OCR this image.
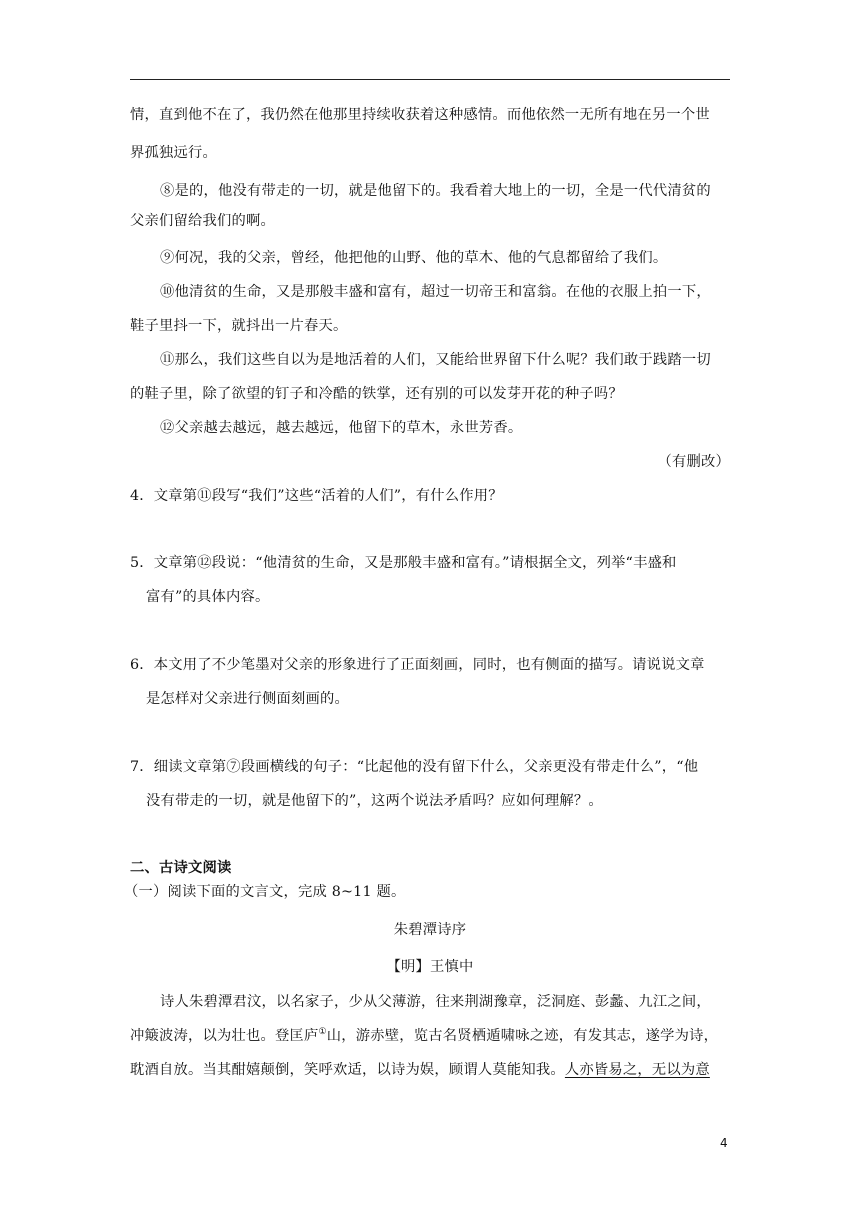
情，直到他不在了，我仍然在他那里持续收获着这种感情。而他依然一无所有地在另一个世
界孤独远行。
⑧是的，他没有带走的一切，就是他留下的。我看着大地上的一切，全是一代代清贫的
父亲们留给我们的啊。
⑨何况，我的父亲，曾经，他把他的山野、他的草木、他的气息都留给了我们。
⑩他清贫的生命，又是那般丰盛和富有，超过一切帝王和富翁。在他的衣服上拍一下，
鞋子里抖一下，就抖出一片春天。
⑪那么，我们这些自以为是地活着的人们，又能给世界留下什么呢？我们敢于践踏一切
的鞋子里，除了欲望的钉子和冷酷的铁掌，还有别的可以发芽开花的种子吗？
⑫父亲越去越远，越去越远，他留下的草木，永世芳香。
（有删改）
4．文章第⑪段写“我们”这些“活着的人们”，有什么作用？
5．文章第⑫段说：“他清贫的生命，又是那般丰盛和富有。”请根据全文，列举“丰盛和
富有”的具体内容。
6．本文用了不少笔墨对父亲的形象进行了正面刻画，同时，也有侧面的描写。请说说文章
是怎样对父亲进行侧面刻画的。
7．细读文章第⑦段画横线的句子：“比起他的没有留下什么，父亲更没有带走什么”，“他
没有带走的一切，就是他留下的”，这两个说法矛盾吗？应如何理解？。
二、古诗文阅读
（一）阅读下面的文言文，完成 8~11 题。
朱碧潭诗序
【明】王慎中
诗人朱碧潭君汶，以名家子，少从父薄游，往来荆湖豫章，泛洞庭、彭蠡、九江之间，
冲簸波涛，以为壮也。登匡庐①山，游赤壁，览古名贤栖遁啸咏之迹，有发其志，遂学为诗，
耽酒自放。当其酣嬉颠倒，笑呼欢适，以诗为娱，顾谓人莫能知我。人亦皆易之，无以为意
4
